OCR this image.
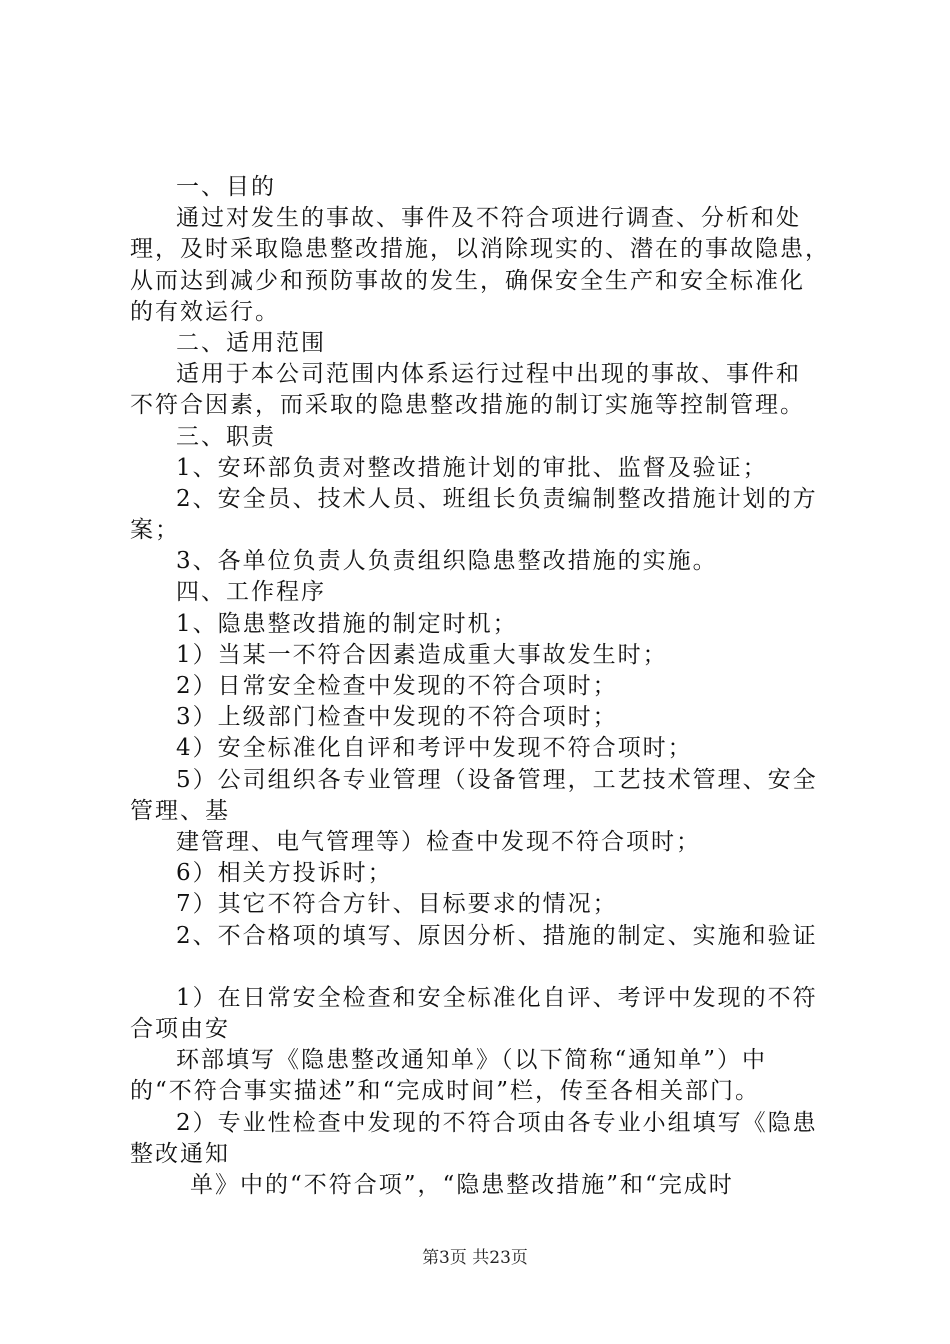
一、目的
通过对发生的事故、事件及不符合项进行调查、分析和处
理，及时采取隐患整改措施，以消除现实的、潜在的事故隐患，
从而达到减少和预防事故的发生，确保安全生产和安全标准化
的有效运行。
二、适用范围
适用于本公司范围内体系运行过程中出现的事故、事件和
不符合因素，而采取的隐患整改措施的制订实施等控制管理。
三、职责
1、安环部负责对整改措施计划的审批、监督及验证；
2、安全员、技术人员、班组长负责编制整改措施计划的方
案；
3、各单位负责人负责组织隐患整改措施的实施。
四、工作程序
1、隐患整改措施的制定时机；
1）当某一不符合因素造成重大事故发生时；
2）日常安全检查中发现的不符合项时；
3）上级部门检查中发现的不符合项时；
4）安全标准化自评和考评中发现不符合项时；
5）公司组织各专业管理（设备管理，工艺技术管理、安全
管理、基
建管理、电气管理等）检查中发现不符合项时；
6）相关方投诉时；
7）其它不符合方针、目标要求的情况；
2、不合格项的填写、原因分析、措施的制定、实施和验证
1）在日常安全检查和安全标准化自评、考评中发现的不符
合项由安
环部填写《隐患整改通知单》（以下简称“通知单”）中
的“不符合事实描述”和“完成时间”栏，传至各相关部门。
2）专业性检查中发现的不符合项由各专业小组填写《隐患
整改通知
单》中的“不符合项”，“隐患整改措施”和“完成时
第3页 共23页
